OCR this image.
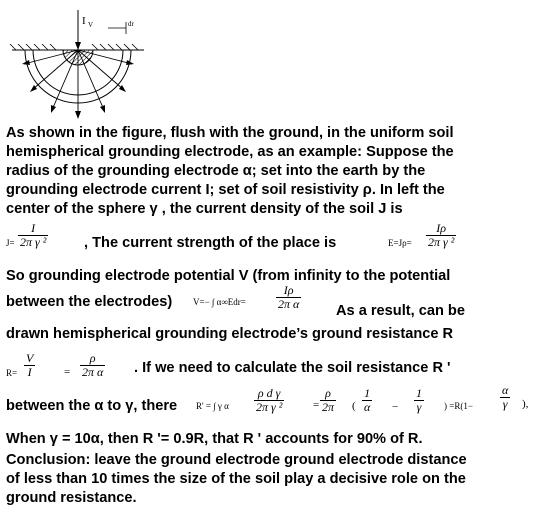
I V	dr
As shown in the figure, flush with the ground, in the uniform soil
hemispherical grounding electrode, as an example: Suppose the
radius of the grounding electrode α; set into the earth by the
grounding electrode current I; set of soil resistivity ρ. In left the
center of the sphere γ , the current density of the soil J is
$J= \frac{I}{\text{2π γ ²}}$ , The current strength of the place is	$E=J\rho= \frac{I\rho}{\text{2π γ ²}}$
So grounding electrode potential V (from infinity to the potential
between the electrodes) V=− ∫ α∞Edr=	$\frac{I\rho}{\text{2π α}}$ As a result, can be
drawn hemispherical grounding electrode’s ground resistance R
$R= \frac{V}{I}$	= $\frac{\rho}{\text{2π α}}$ . If we need to calculate the soil resistance R '
between the α to γ, there R' = ∫ γ α $\frac{\text{ρ d γ}}{\text{2π γ ²}}$	= $\frac{\rho}{2\pi}$ ( $\frac{1}{\alpha} - \frac{1}{\gamma}$ ) $=R(1- \frac{\alpha}{\gamma}$ ),
When γ = 10α, then R '= 0.9R, that R ' accounts for 90% of R.
Conclusion: leave the ground electrode ground electrode distance
of less than 10 times the size of the soil play a decisive role on the
ground resistance.
